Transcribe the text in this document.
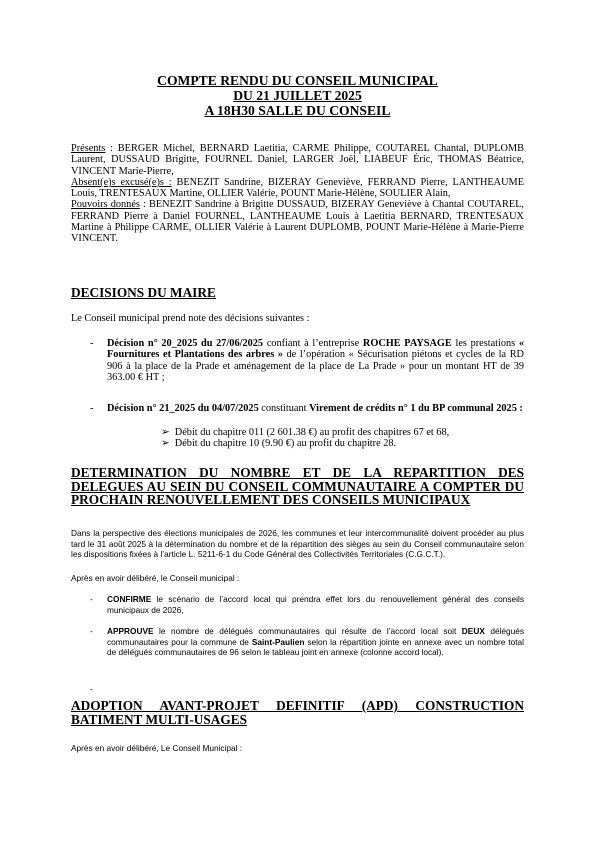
COMPTE RENDU DU CONSEIL MUNICIPAL

DU 21 JUILLET 2025

A 18H30 SALLE DU CONSEIL

Présents : BERGER Michel, BERNARD Laetitia, CARME Philippe, COUTAREL Chantal, DUPLOMB Laurent, DUSSAUD Brigitte, FOURNEL Daniel, LARGER Joël, LIABEUF Éric, THOMAS Béatrice, VINCENT Marie-Pierre,

Absent(e)s excusé(e)s : BENEZIT Sandrine, BIZERAY Geneviève, FERRAND Pierre, LANTHEAUME Louis, TRENTESAUX Martine, OLLIER Valérie, POUNT Marie-Hélène, SOULIER Alain,

Pouvoirs donnés : BENEZIT Sandrine à Brigitte DUSSAUD, BIZERAY Geneviève à Chantal COUTAREL, FERRAND Pierre à Daniel FOURNEL, LANTHEAUME Louis à Laetitia BERNARD, TRENTESAUX Martine à Philippe CARME, OLLIER Valérie à Laurent DUPLOMB, POUNT Marie-Hélène à Marie-Pierre VINCENT.

DECISIONS DU MAIRE

Le Conseil municipal prend note des décisions suivantes :

- Décision n° 20_2025 du 27/06/2025 confiant à l’entreprise ROCHE PAYSAGE les prestations « Fournitures et Plantations des arbres » de l’opération « Sécurisation piétons et cycles de la RD 906 à la place de la Prade et aménagement de la place de La Prade » pour un montant HT de 39 363.00 € HT ;

- Décision n° 21_2025 du 04/07/2025 constituant Virement de crédits n° 1 du BP communal 2025 :

➢ Débit du chapitre 011 (2 601.38 €) au profit des chapitres 67 et 68,
➢ Débit du chapitre 10 (9.90 €) au profit du chapitre 28.
DETERMINATION DU NOMBRE ET DE LA REPARTITION DES
DELEGUES AU SEIN DU CONSEIL COMMUNAUTAIRE A COMPTER DU
PROCHAIN RENOUVELLEMENT DES CONSEILS MUNICIPAUX

Dans la perspective des élections municipales de 2026, les communes et leur intercommunalité doivent procéder au plus tard le 31 août 2025 à la détermination du nombre et de la répartition des sièges au sein du Conseil communautaire selon les dispositions fixées à l’article L. 5211-6-1 du Code Général des Collectivités Territoriales (C.G.C.T.).

Après en avoir délibéré, le Conseil municipal :

- CONFIRME le scénario de l’accord local qui prendra effet lors du renouvellement général des conseils municipaux de 2026,

- APPROUVE le nombre de délégués communautaires qui résulte de l’accord local soit DEUX délégués communautaires pour la commune de Saint-Paulien selon la répartition jointe en annexe avec un nombre total de délégués communautaires de 96 selon le tableau joint en annexe (colonne accord local).

-
ADOPTION AVANT-PROJET DEFINITIF (APD) CONSTRUCTION
BATIMENT MULTI-USAGES

Après en avoir délibéré, Le Conseil Municipal :
